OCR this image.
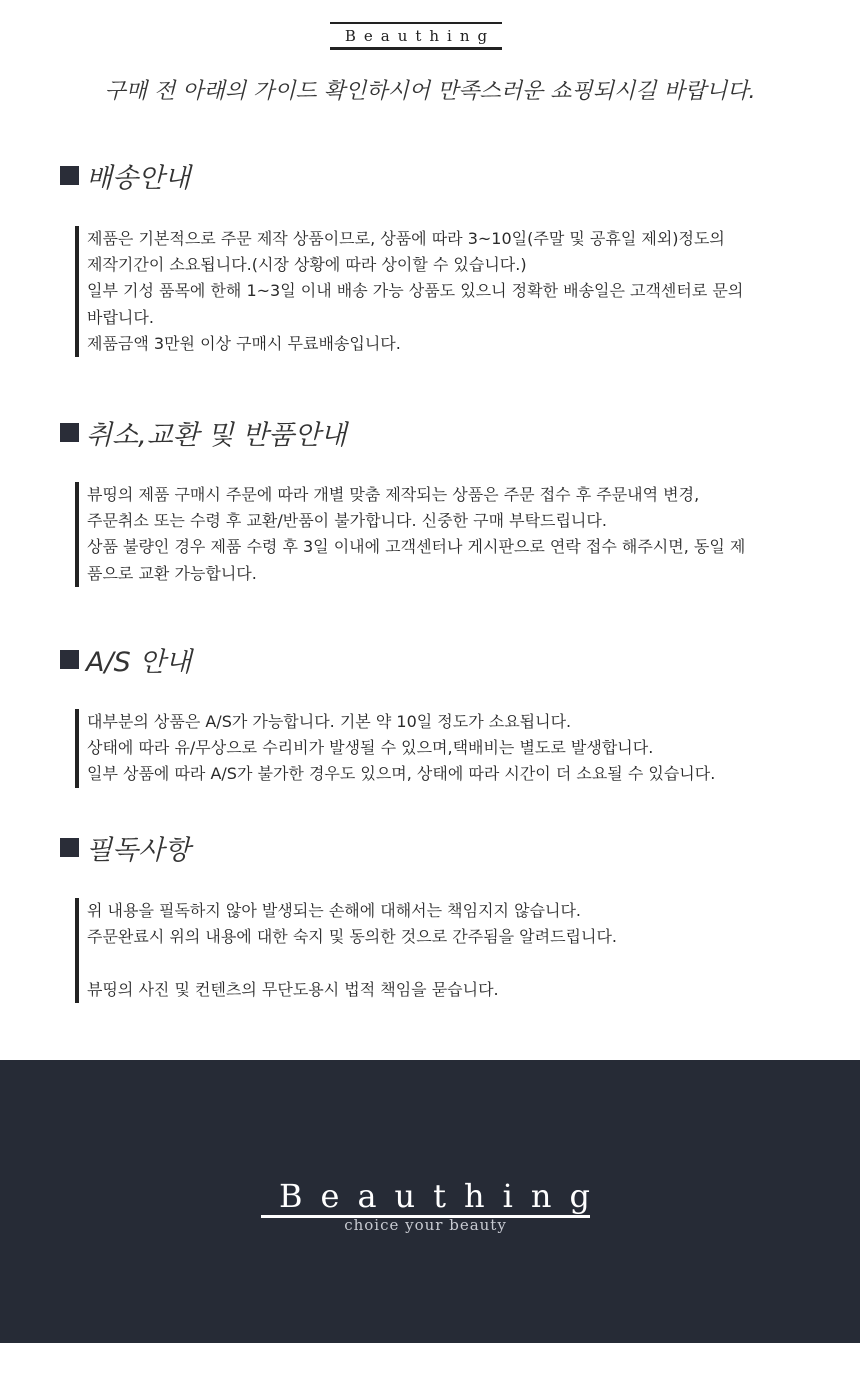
Beauthing
구매 전 아래의 가이드 확인하시어 만족스러운 쇼핑되시길 바랍니다.
배송안내

제품은 기본적으로 주문 제작 상품이므로, 상품에 따라 3~10일(주말 및 공휴일 제외)정도의

제작기간이 소요됩니다.(시장 상황에 따라 상이할 수 있습니다.)

일부 기성 품목에 한해 1~3일 이내 배송 가능 상품도 있으니 정확한 배송일은 고객센터로 문의

바랍니다.

제품금액 3만원 이상 구매시 무료배송입니다.

취소,교환 및 반품안내

뷰띵의 제품 구매시 주문에 따라 개별 맞춤 제작되는 상품은 주문 접수 후 주문내역 변경,

주문취소 또는 수령 후 교환/반품이 불가합니다. 신중한 구매 부탁드립니다.

상품 불량인 경우 제품 수령 후 3일 이내에 고객센터나 게시판으로 연락 접수 해주시면, 동일 제

품으로 교환 가능합니다.

A/S 안내

대부분의 상품은 A/S가 가능합니다. 기본 약 10일 정도가 소요됩니다.

상태에 따라 유/무상으로 수리비가 발생될 수 있으며,택배비는 별도로 발생합니다.

일부 상품에 따라 A/S가 불가한 경우도 있으며, 상태에 따라 시간이 더 소요될 수 있습니다.

필독사항

위 내용을 필독하지 않아 발생되는 손해에 대해서는 책임지지 않습니다.

주문완료시 위의 내용에 대한 숙지 및 동의한 것으로 간주됨을 알려드립니다.

뷰띵의 사진 및 컨텐츠의 무단도용시 법적 책임을 묻습니다.

Beauthing
choice your beauty
